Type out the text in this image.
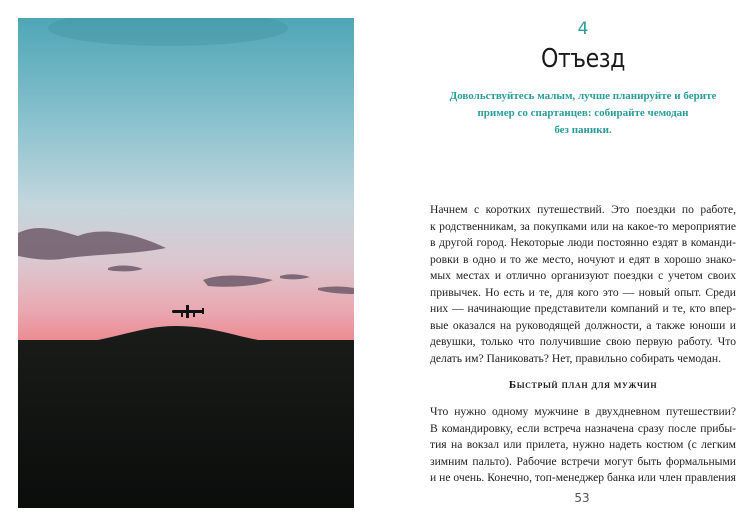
4
Отъезд
Довольствуйтесь малым, лучше планируйте и берите
пример со спартанцев: собирайте чемодан
без паники.
Начнем с коротких путешествий. Это поездки по работе,
к родственникам, за покупками или на какое-то мероприятие
в другой город. Некоторые люди постоянно ездят в команди-
ровки в одно и то же место, ночуют и едят в хорошо знако-
мых местах и отлично организуют поездки с учетом своих
привычек. Но есть и те, для кого это — новый опыт. Среди
них — начинающие представители компаний и те, кто впер-
вые оказался на руководящей должности, а также юноши и
девушки, только что получившие свою первую работу. Что
делать им? Паниковать? Нет, правильно собирать чемодан.
Быстрый план для мужчин
Что нужно одному мужчине в двухдневном путешествии?
В командировку, если встреча назначена сразу после прибы-
тия на вокзал или прилета, нужно надеть костюм (с легким
зимним пальто). Рабочие встречи могут быть формальными
и не очень. Конечно, топ-менеджер банка или член правления
53
